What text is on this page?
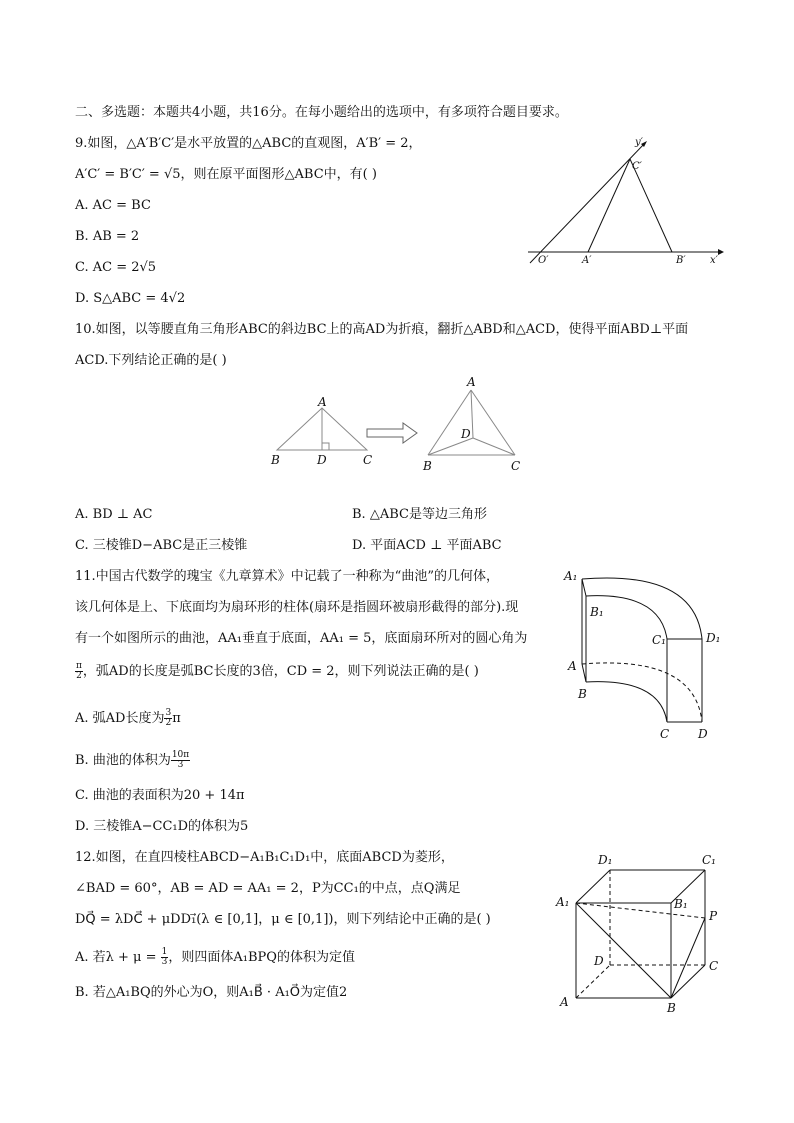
二、多选题：本题共4小题，共16分。在每小题给出的选项中，有多项符合题目要求。
9.如图，△A′B′C′是水平放置的△ABC的直观图，A′B′ = 2，
A′C′ = B′C′ = √5，则在原平面图形△ABC中，有( )
A. AC = BC
B. AB = 2
C. AC = 2√5
D. S△ABC = 4√2
y′
C′
O′	A′	B′ x′
10.如图，以等腰直角三角形ABC的斜边BC上的高AD为折痕，翻折△ABD和△ACD，使得平面ABD⊥平面
ACD.下列结论正确的是( )
A
B	D	C
A
D
B	C
A. BD ⊥ AC	B. △ABC是等边三角形
C. 三棱锥D−ABC是正三棱锥	D. 平面ACD ⊥ 平面ABC
11.中国古代数学的瑰宝《九章算术》中记载了一种称为“曲池”的几何体，
该几何体是上、下底面均为扇环形的柱体(扇环是指圆环被扇形截得的部分).现
有一个如图所示的曲池，AA₁垂直于底面，AA₁ = 5，底面扇环所对的圆心角为
$\frac{\pi}{2}$ ，弧AD的长度是弧BC长度的3倍，CD = 2，则下列说法正确的是( )
A. 弧AD长度为 $\frac{3}{2}$ π
B. 曲池的体积为 $\frac{10\pi}{3}$
C. 曲池的表面积为20 + 14π
D. 三棱锥A−CC₁D的体积为5
A₁
B₁
C₁	D₁
A
B
C D
12.如图，在直四棱柱ABCD−A₁B₁C₁D₁中，底面ABCD为菱形，
∠BAD = 60°，AB = AD = AA₁ = 2，P为CC₁的中点，点Q满足
DQ⃗ = λDC⃗ + μDD₁⃗(λ ∈ [0,1]，μ ∈ [0,1])，则下列结论中正确的是( )
A. 若$\lambda + \mu = \frac{1}{3}$ ，则四面体A₁BPQ的体积为定值
B. 若△A₁BQ的外心为O，则A₁B⃗ · A₁O⃗为定值2
D₁	C₁
A₁	B₁
P
D	C
A	B
